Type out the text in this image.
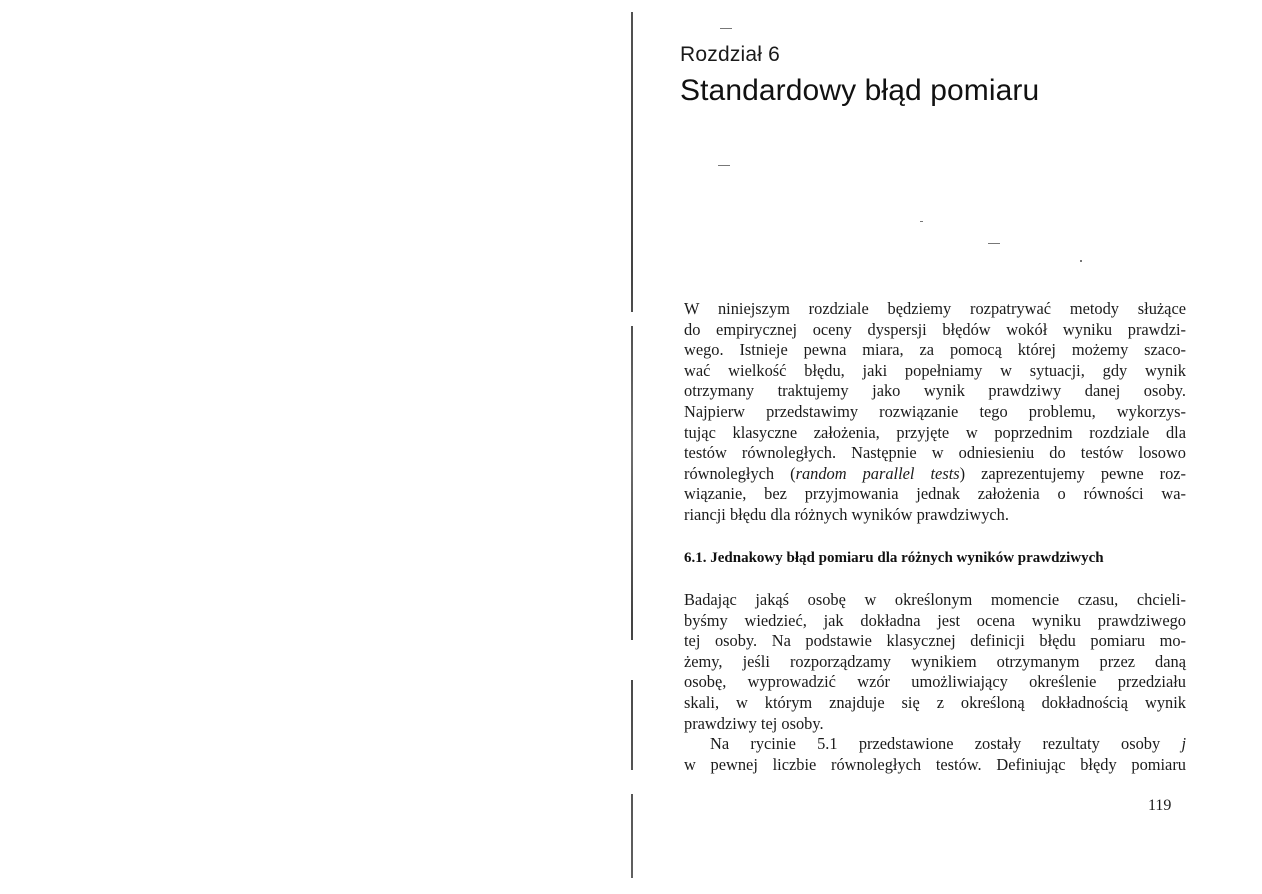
Rozdział 6
Standardowy błąd pomiaru
W niniejszym rozdziale będziemy rozpatrywać metody służące
do empirycznej oceny dyspersji błędów wokół wyniku prawdzi-
wego. Istnieje pewna miara, za pomocą której możemy szaco-
wać wielkość błędu, jaki popełniamy w sytuacji, gdy wynik
otrzymany traktujemy jako wynik prawdziwy danej osoby.
Najpierw przedstawimy rozwiązanie tego problemu, wykorzys-
tując klasyczne założenia, przyjęte w poprzednim rozdziale dla
testów równoległych. Następnie w odniesieniu do testów losowo
równoległych (random parallel tests) zaprezentujemy pewne roz-
wiązanie, bez przyjmowania jednak założenia o równości wa-
riancji błędu dla różnych wyników prawdziwych.
6.1. Jednakowy błąd pomiaru dla różnych wyników prawdziwych
Badając jakąś osobę w określonym momencie czasu, chcieli-
byśmy wiedzieć, jak dokładna jest ocena wyniku prawdziwego
tej osoby. Na podstawie klasycznej definicji błędu pomiaru mo-
żemy, jeśli rozporządzamy wynikiem otrzymanym przez daną
osobę, wyprowadzić wzór umożliwiający określenie przedziału
skali, w którym znajduje się z określoną dokładnością wynik
prawdziwy tej osoby.
Na rycinie 5.1 przedstawione zostały rezultaty osoby j
w pewnej liczbie równoległych testów. Definiując błędy pomiaru
119
